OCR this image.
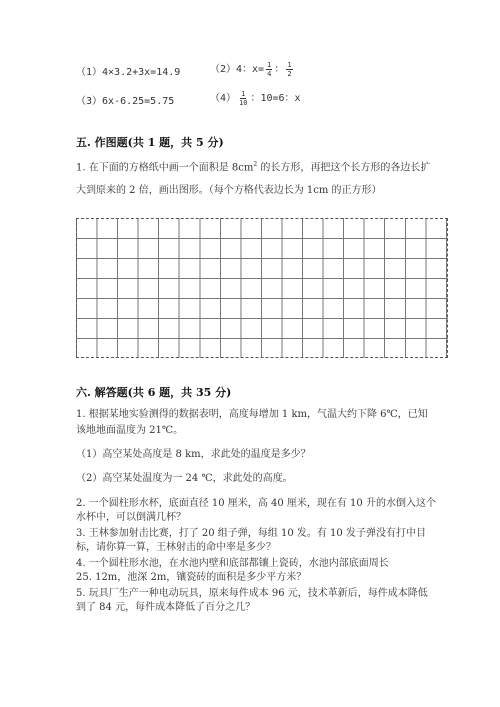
（1）4×3.2+3x=14.9	（2）4：$x= \frac{1}{4}$ ： $\frac{1}{2}$
（3）6x-6.25=5.75	$(4) \frac{1}{10}$ ：10=6：x
五. 作图题(共 1 题，共 5 分)
1. 在下面的方格纸中画一个面积是 $8cm^2$ 的长方形，再把这个长方形的各边长扩
大到原来的 2 倍，画出图形。（每个方格代表边长为 1cm 的正方形）
六. 解答题(共 6 题，共 35 分)
1. 根据某地实验测得的数据表明，高度每增加 1 km，气温大约下降 6℃，已知
该地地面温度为 21℃。
（1）高空某处高度是 8 km，求此处的温度是多少？
（2）高空某处温度为一 24 ℃，求此处的高度。
2. 一个圆柱形水杯，底面直径 10 厘米，高 40 厘米，现在有 10 升的水倒入这个
水杯中，可以倒满几杯？
3. 王林参加射击比赛，打了 20 组子弹，每组 10 发。有 10 发子弹没有打中目
标，请你算一算，王林射击的命中率是多少？
4. 一个圆柱形水池，在水池内壁和底部都镶上瓷砖，水池内部底面周长
25. 12m，池深 2m，镶瓷砖的面积是多少平方米？
5. 玩具厂生产一种电动玩具，原来每件成本 96 元，技术革新后，每件成本降低
到了 84 元，每件成本降低了百分之几？
